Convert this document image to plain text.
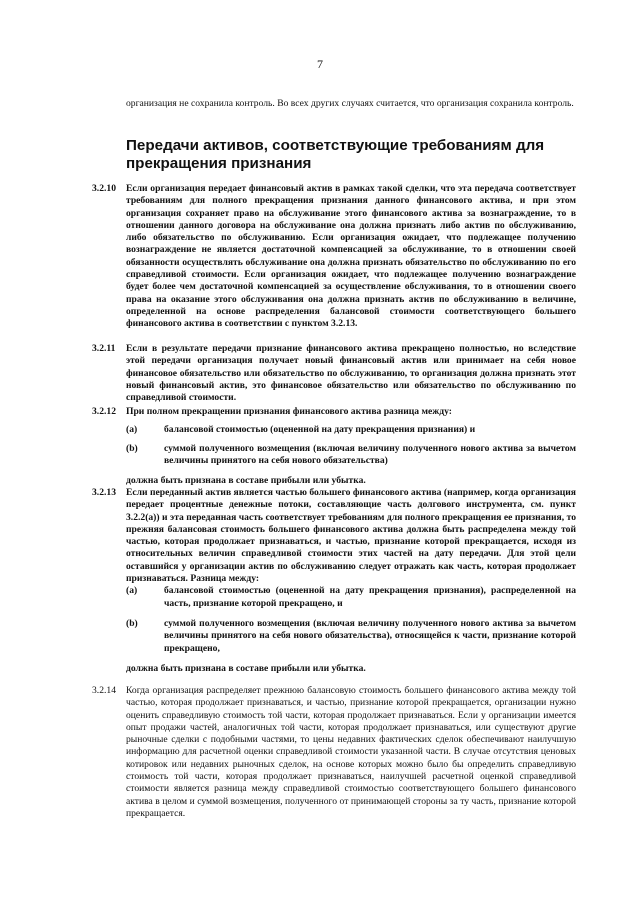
7
организация не сохранила контроль. Во всех других случаях считается, что организация сохранила контроль.
Передачи активов, соответствующие требованиям для прекращения признания
3.2.10	Если организация передает финансовый актив в рамках такой сделки, что эта передача соответствует требованиям для полного прекращения признания данного финансового актива, и при этом организация сохраняет право на обслуживание этого финансового актива за вознаграждение, то в отношении данного договора на обслуживание она должна признать либо актив по обслуживанию, либо обязательство по обслуживанию. Если организация ожидает, что подлежащее получению вознаграждение не является достаточной компенсацией за обслуживание, то в отношении своей обязанности осуществлять обслуживание она должна признать обязательство по обслуживанию по его справедливой стоимости. Если организация ожидает, что подлежащее получению вознаграждение будет более чем достаточной компенсацией за осуществление обслуживания, то в отношении своего права на оказание этого обслуживания она должна признать актив по обслуживанию в величине, определенной на основе распределения балансовой стоимости соответствующего большего финансового актива в соответствии с пунктом 3.2.13.
3.2.11	Если в результате передачи признание финансового актива прекращено полностью, но вследствие этой передачи организация получает новый финансовый актив или принимает на себя новое финансовое обязательство или обязательство по обслуживанию, то организация должна признать этот новый финансовый актив, это финансовое обязательство или обязательство по обслуживанию по справедливой стоимости.
3.2.12	При полном прекращении признания финансового актива разница между:
(a)	балансовой стоимостью (оцененной на дату прекращения признания) и
(b)	суммой полученного возмещения (включая величину полученного нового актива за вычетом величины принятого на себя нового обязательства)
должна быть признана в составе прибыли или убытка.
3.2.13	Если переданный актив является частью большего финансового актива (например, когда организация передает процентные денежные потоки, составляющие часть долгового инструмента, см. пункт 3.2.2(a)) и эта переданная часть соответствует требованиям для полного прекращения ее признания, то прежняя балансовая стоимость большего финансового актива должна быть распределена между той частью, которая продолжает признаваться, и частью, признание которой прекращается, исходя из относительных величин справедливой стоимости этих частей на дату передачи. Для этой цели оставшийся у организации актив по обслуживанию следует отражать как часть, которая продолжает признаваться. Разница между:
(a)	балансовой стоимостью (оцененной на дату прекращения признания), распределенной на часть, признание которой прекращено, и
(b)	суммой полученного возмещения (включая величину полученного нового актива за вычетом величины принятого на себя нового обязательства), относящейся к части, признание которой прекращено,
должна быть признана в составе прибыли или убытка.
3.2.14	Когда организация распределяет прежнюю балансовую стоимость большего финансового актива между той частью, которая продолжает признаваться, и частью, признание которой прекращается, организации нужно оценить справедливую стоимость той части, которая продолжает признаваться. Если у организации имеется опыт продажи частей, аналогичных той части, которая продолжает признаваться, или существуют другие рыночные сделки с подобными частями, то цены недавних фактических сделок обеспечивают наилучшую информацию для расчетной оценки справедливой стоимости указанной части. В случае отсутствия ценовых котировок или недавних рыночных сделок, на основе которых можно было бы определить справедливую стоимость той части, которая продолжает признаваться, наилучшей расчетной оценкой справедливой стоимости является разница между справедливой стоимостью соответствующего большего финансового актива в целом и суммой возмещения, полученного от принимающей стороны за ту часть, признание которой прекращается.
